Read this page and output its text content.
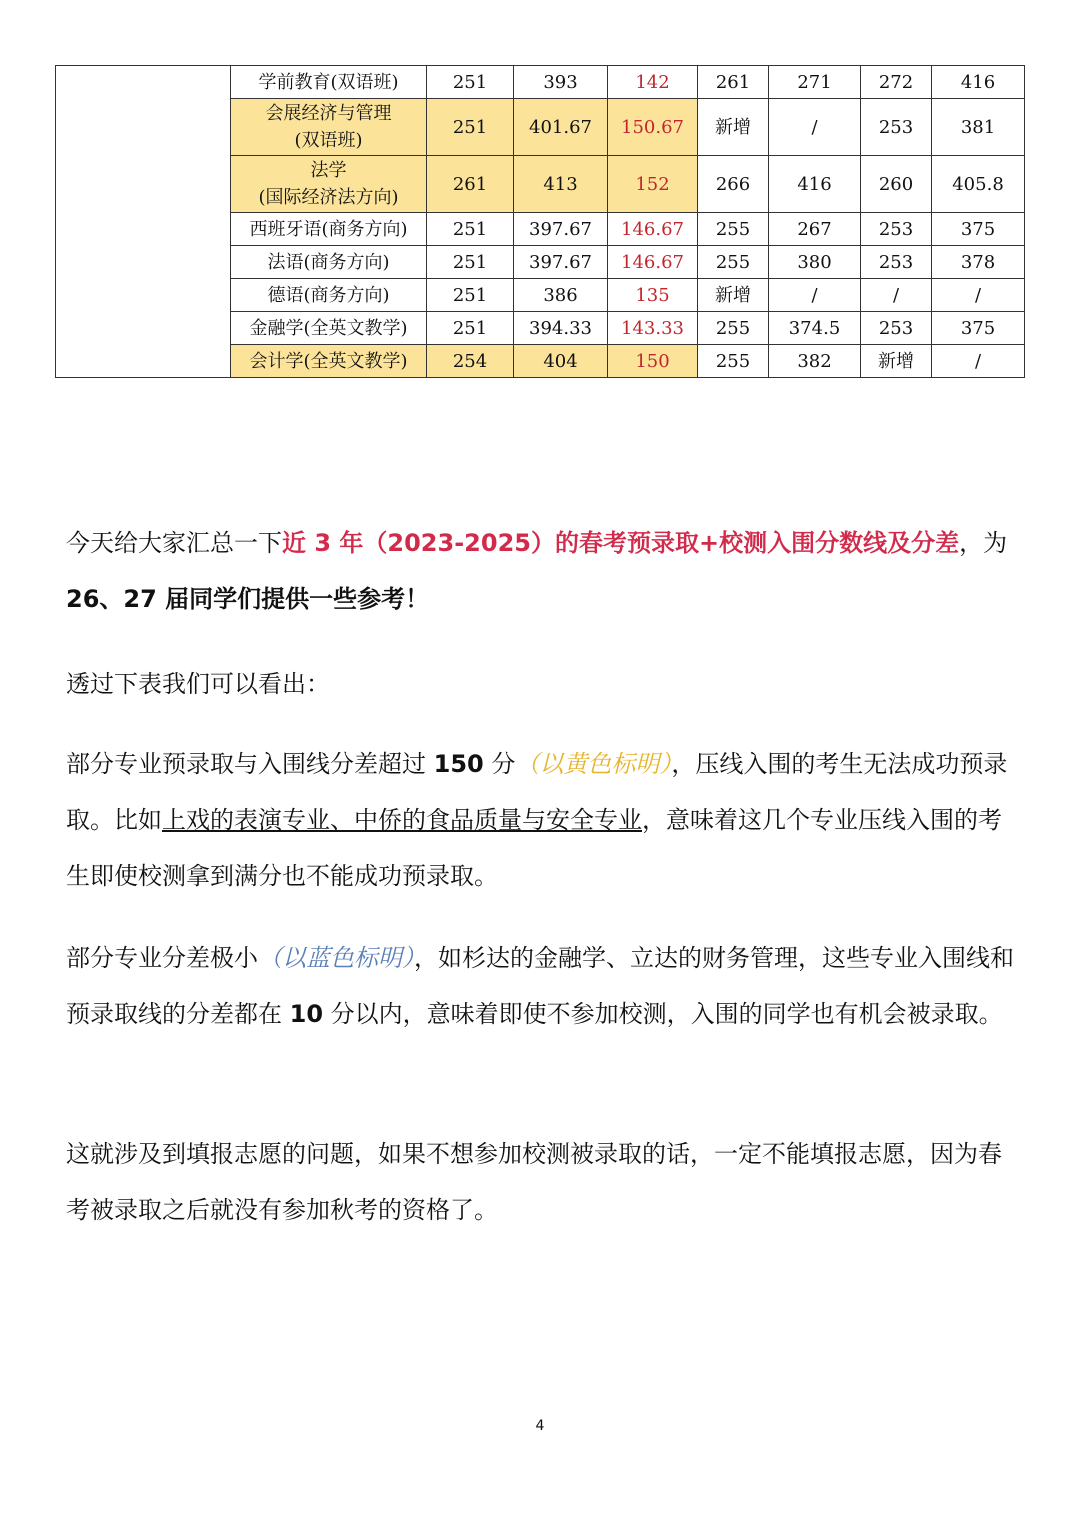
	学前教育(双语班)	251	393	142	261	271	272	416

	会展经济与管理
(双语班)	251	401.67	150.67	新增	/	253	381

	法学
(国际经济法方向)	261	413	152	266	416	260	405.8

	西班牙语(商务方向)	251	397.67	146.67	255	267	253	375

	法语(商务方向)	251	397.67	146.67	255	380	253	378

	德语(商务方向)	251	386	135	新增	/	/	/

	金融学(全英文教学)	251	394.33	143.33	255	374.5	253	375

	会计学(全英文教学)	254	404	150	255	382	新增	/
今天给大家汇总一下近 3 年（2023-2025）的春考预录取+校测入围分数线及分差，为
26、27 届同学们提供一些参考！
透过下表我们可以看出：
部分专业预录取与入围线分差超过 150 分（以黄色标明），压线入围的考生无法成功预录取。比如上戏的表演专业、中侨的食品质量与安全专业，意味着这几个专业压线入围的考生即使校测拿到满分也不能成功预录取。
部分专业分差极小（以蓝色标明），如杉达的金融学、立达的财务管理，这些专业入围线和预录取线的分差都在 10 分以内，意味着即使不参加校测，入围的同学也有机会被录取。
这就涉及到填报志愿的问题，如果不想参加校测被录取的话，一定不能填报志愿，因为春考被录取之后就没有参加秋考的资格了。
4
